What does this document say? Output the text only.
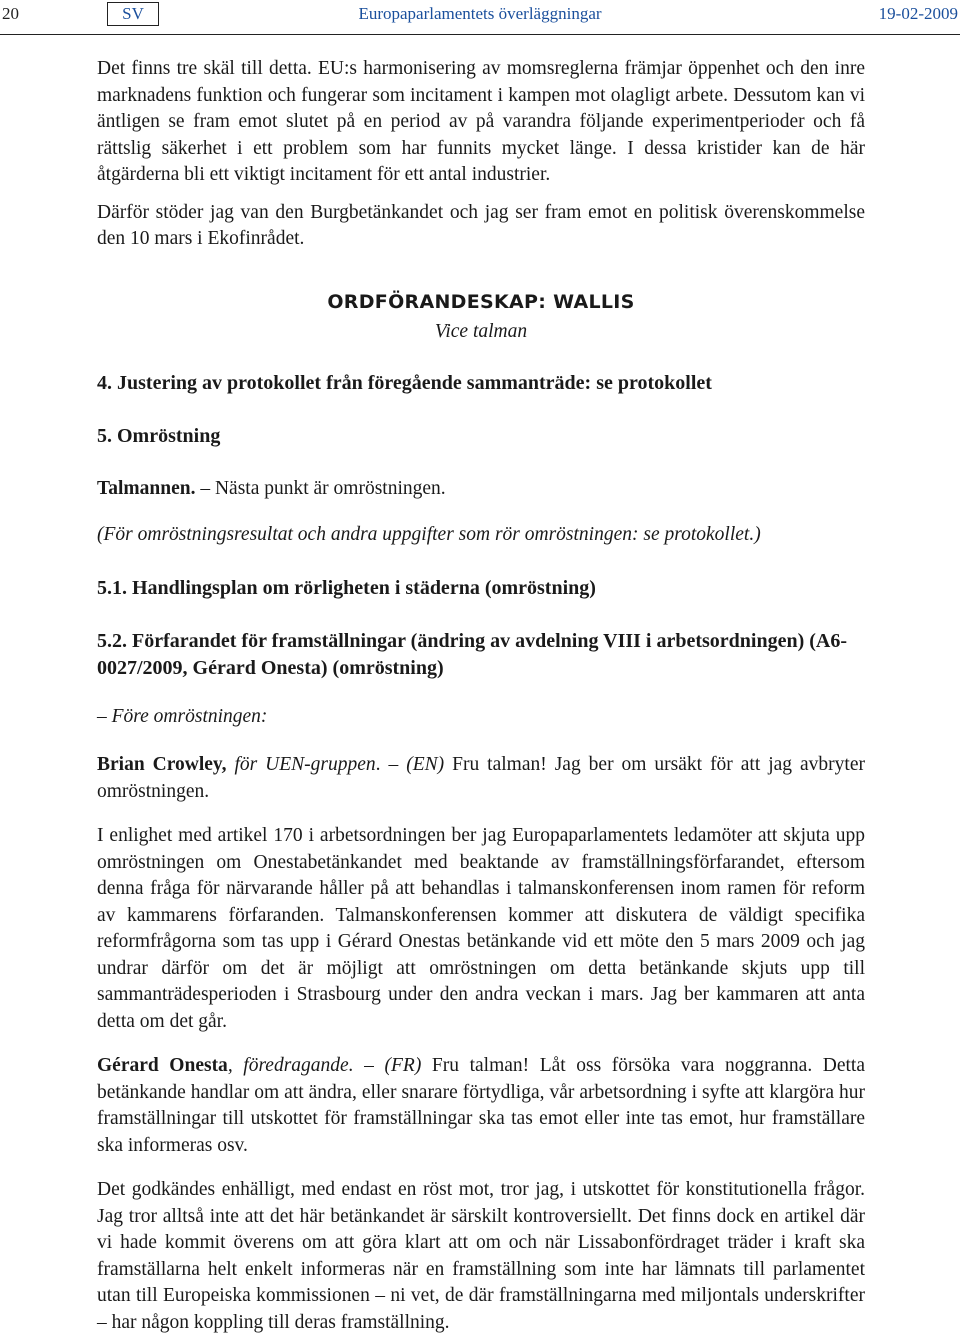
20	SV	Europaparlamentets överläggningar	19-02-2009

Det finns tre skäl till detta. EU:s harmonisering av momsreglerna främjar öppenhet och den inre marknadens funktion och fungerar som incitament i kampen mot olagligt arbete. Dessutom kan vi äntligen se fram emot slutet på en period av på varandra följande experimentperioder och få rättslig säkerhet i ett problem som har funnits mycket länge. I dessa kristider kan de här åtgärderna bli ett viktigt incitament för ett antal industrier.

Därför stöder jag van den Burgbetänkandet och jag ser fram emot en politisk överenskommelse den 10 mars i Ekofinrådet.

ORDFÖRANDESKAP: WALLIS
Vice talman
4. Justering av protokollet från föregående sammanträde: se protokollet
5. Omröstning

Talmannen. – Nästa punkt är omröstningen.

(För omröstningsresultat och andra uppgifter som rör omröstningen: se protokollet.)

5.1. Handlingsplan om rörligheten i städerna (omröstning)
5.2. Förfarandet för framställningar (ändring av avdelning VIII i arbetsordningen) (A6-0027/2009, Gérard Onesta) (omröstning)

– Före omröstningen:

Brian Crowley, för UEN-gruppen. – (EN) Fru talman! Jag ber om ursäkt för att jag avbryter omröstningen.

I enlighet med artikel 170 i arbetsordningen ber jag Europaparlamentets ledamöter att skjuta upp omröstningen om Onestabetänkandet med beaktande av framställningsförfarandet, eftersom denna fråga för närvarande håller på att behandlas i talmanskonferensen inom ramen för reform av kammarens förfaranden. Talmanskonferensen kommer att diskutera de väldigt specifika reformfrågorna som tas upp i Gérard Onestas betänkande vid ett möte den 5 mars 2009 och jag undrar därför om det är möjligt att omröstningen om detta betänkande skjuts upp till sammanträdesperioden i Strasbourg under den andra veckan i mars. Jag ber kammaren att anta detta om det går.

Gérard Onesta, föredragande. – (FR) Fru talman! Låt oss försöka vara noggranna. Detta betänkande handlar om att ändra, eller snarare förtydliga, vår arbetsordning i syfte att klargöra hur framställningar till utskottet för framställningar ska tas emot eller inte tas emot, hur framställare ska informeras osv.

Det godkändes enhälligt, med endast en röst mot, tror jag, i utskottet för konstitutionella frågor. Jag tror alltså inte att det här betänkandet är särskilt kontroversiellt. Det finns dock en artikel där vi hade kommit överens om att göra klart att om och när Lissabonfördraget träder i kraft ska framställarna helt enkelt informeras när en framställning som inte har lämnats till parlamentet utan till Europeiska kommissionen – ni vet, de där framställningarna med miljontals underskrifter – har någon koppling till deras framställning.
